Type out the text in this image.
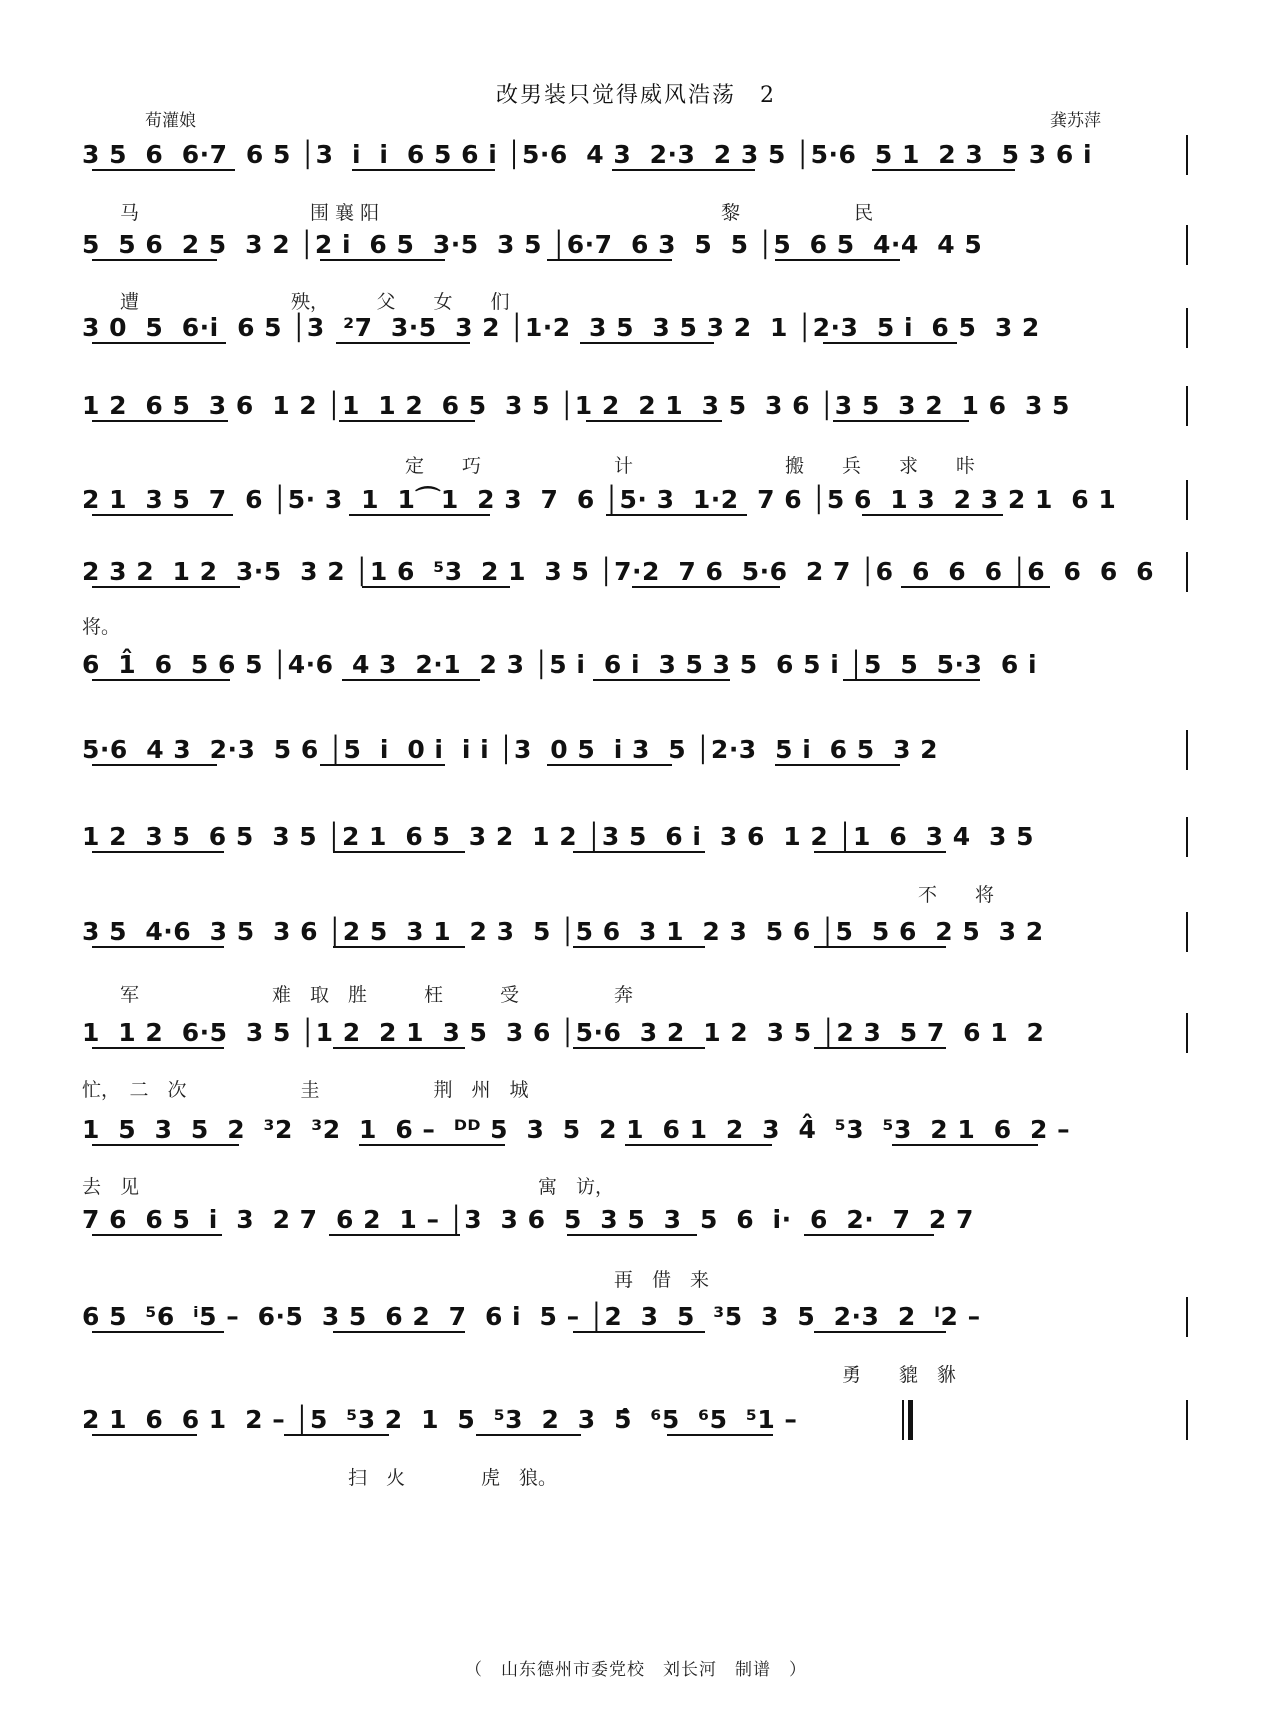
改男装只觉得威风浩荡　2
荀灌娘	龚苏萍
3 5  6  6·7  6 5 │3  i  i  6 5 6 i │5·6  4 3  2·3  2 3 5 │5·6  5 1  2 3  5 3 6 i
　　马　　　　　　　　　围 襄 阳　　　　　　　　　　　　　　　　　　黎　　　　　　民
5  5 6  2 5  3 2 │2 i  6 5  3·5  3 5 │6·7  6 3  5  5 │5  6 5  4·4  4 5
　　遭　　　　　　　　殃，　　　父　　女　　们
3 0  5  6·i  6 5 │3  ²7  3·5  3 2 │1·2  3 5  3 5 3 2  1 │2·3  5 i  6 5  3 2
1 2  6 5  3 6  1 2 │1  1 2  6 5  3 5 │1 2  2 1  3 5  3 6 │3 5  3 2  1 6  3 5
　　　　　　　　　　　　　　　　　定　　巧　　　　　　　计　　　　　　　　搬　　兵　　求　　咔
2 1  3 5  7  6 │5· 3  1  1⌒1  2 3  7  6 │5· 3  1·2  7 6 │5 6  1 3  2 3 2 1  6 1
2 3 2  1 2  3·5  3 2 │1 6  ⁵3  2 1  3 5 │7·2  7 6  5·6  2 7 │6  6  6  6 │6  6  6  6
将。
6  1̂  6  5 6 5 │4·6  4 3  2·1  2 3 │5 i  6 i  3 5 3 5  6 5 i │5  5  5·3  6 i
5·6  4 3  2·3  5 6 │5  i  0 i  i i │3  0 5  i 3  5 │2·3  5 i  6 5  3 2
1 2  3 5  6 5  3 5 │2 1  6 5  3 2  1 2 │3 5  6 i  3 6  1 2 │1  6  3 4  3 5
　　　　　　　　　　　　　　　　　　　　　　　　　　　　　　　　　　　　　　　　　　　　不　　将
3 5  4·6  3 5  3 6 │2 5  3 1  2 3  5 │5 6  3 1  2 3  5 6 │5  5 6  2 5  3 2
　　军　　　　　　　难　取　胜　　　枉　　　受　　　　　奔
1  1 2  6·5  3 5 │1 2  2 1  3 5  3 6 │5·6  3 2  1 2  3 5 │2 3  5 7  6 1  2
忙，　二　次　　　　　　圭　　　　　　荆　州　城
1  5  3  5  2  ³2  ³2  1  6 –  ᴰᴰ 5  3  5  2 1  6 1  2  3  4̂  ⁵3  ⁵3  2 1  6  2 –
去　见　　　　　　　　　　　　　　　　　　　　　寓　访，
7 6  6 5  i  3  2 7  6 2  1 – │3  3 6  5  3 5  3  5  6  i·  6  2·  7  2 7
　　　　　　　　　　　　　　　　　　　　　　　　　　　　再　借　来
6 5  ⁵6  ⁱ5 –  6·5  3 5  6 2  7  6 i  5 – │2  3  5  ³5  3  5  2·3  2  ᴵ2 –
　　　　　　　　　　　　　　　　　　　　　　　　　　　　　　　　　　　　　　　　勇　　貔　貅
2 1  6  6 1  2 – │5  ⁵3 2  1  5  ⁵3  2  3  5̂  ⁶5  ⁶5  ⁵1 –
　　　　　　　　　　　　　　扫　火　　　　虎　狼。
（　山东德州市委党校　刘长河　制谱　）
